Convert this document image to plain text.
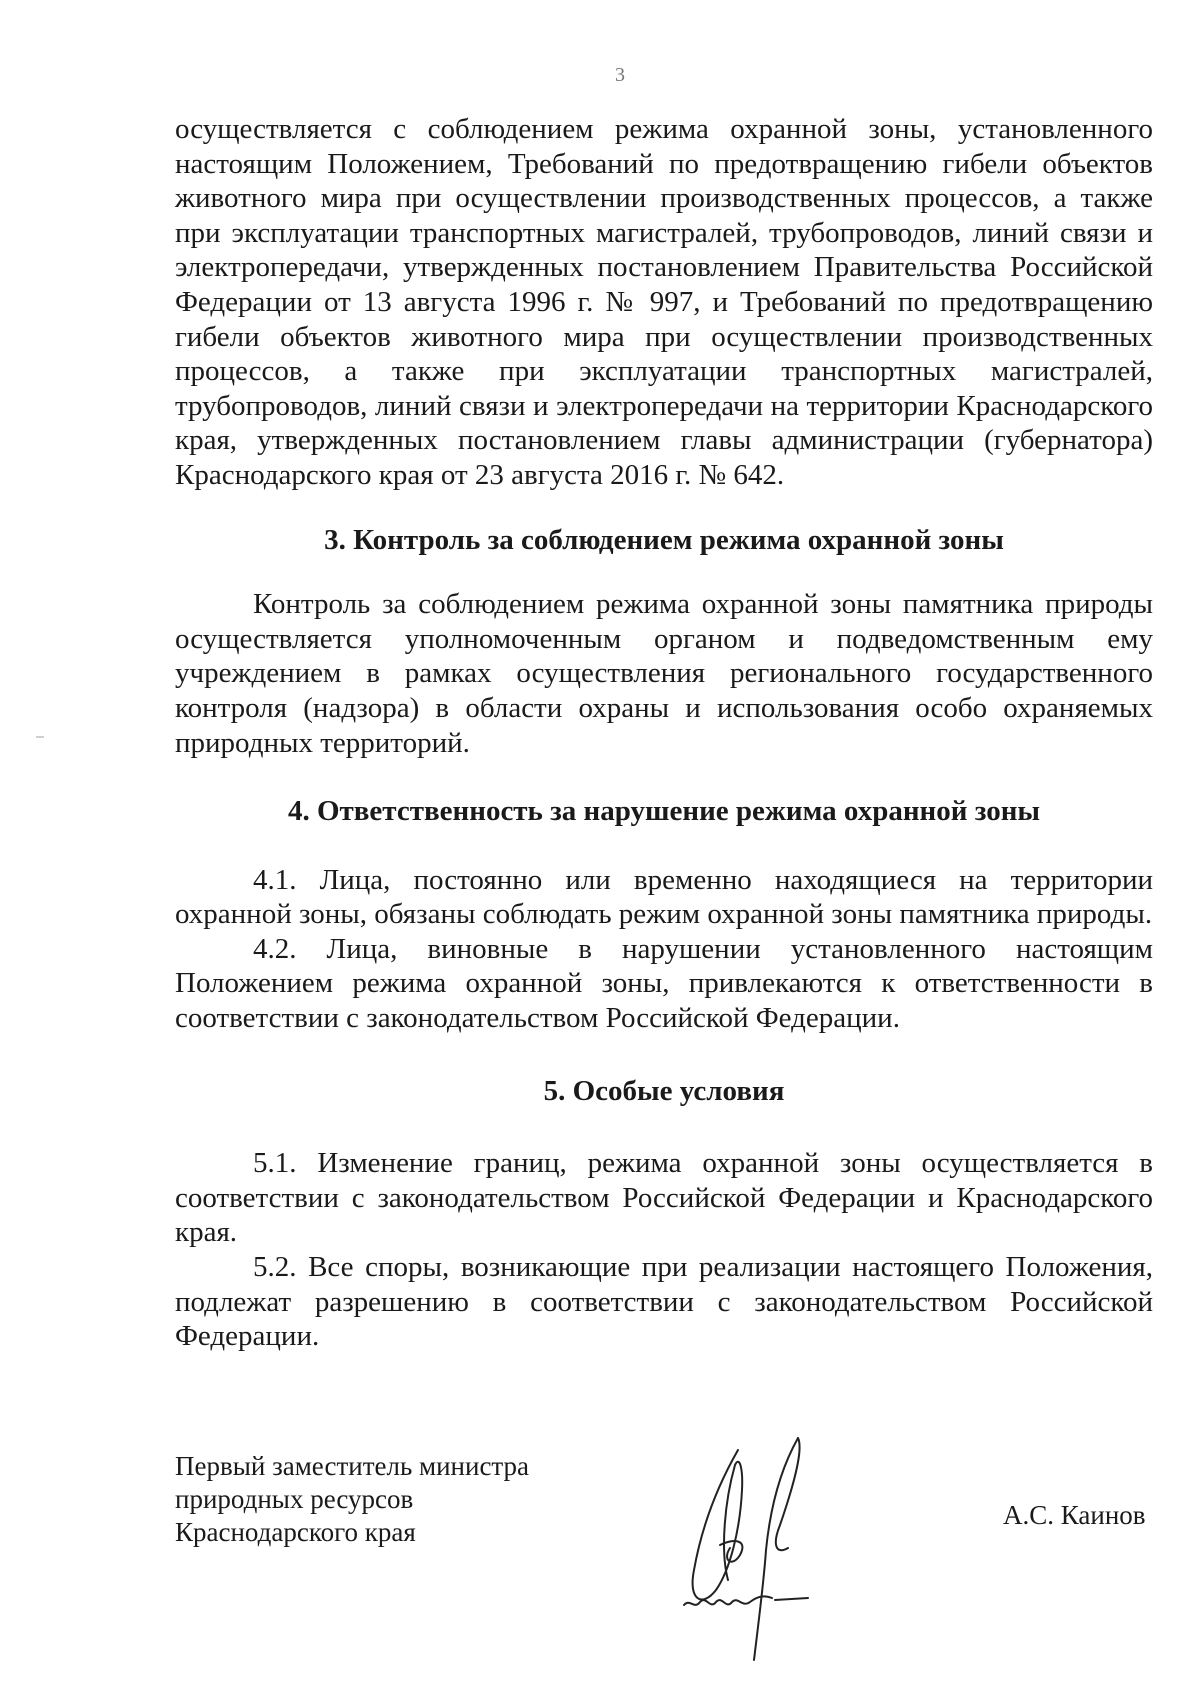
3

осуществляется с соблюдением режима охранной зоны, установленного настоящим Положением, Требований по предотвращению гибели объектов животного мира при осуществлении производственных процессов, а также при эксплуатации транспортных магистралей, трубопроводов, линий связи и электропередачи, утвержденных постановлением Правительства Российской Федерации от 13 августа 1996 г. № 997, и Требований по предотвращению гибели объектов животного мира при осуществлении производственных процессов, а также при эксплуатации транспортных магистралей, трубопроводов, линий связи и электропередачи на территории Краснодарского края, утвержденных постановлением главы администрации (губернатора) Краснодарского края от 23 августа 2016 г. № 642.

3. Контроль за соблюдением режима охранной зоны

Контроль за соблюдением режима охранной зоны памятника природы осуществляется уполномоченным органом и подведомственным ему учреждением в рамках осуществления регионального государственного контроля (надзора) в области охраны и использования особо охраняемых природных территорий.

4. Ответственность за нарушение режима охранной зоны

4.1. Лица, постоянно или временно находящиеся на территории охранной зоны, обязаны соблюдать режим охранной зоны памятника природы.

4.2. Лица, виновные в нарушении установленного настоящим Положением режима охранной зоны, привлекаются к ответственности в соответствии с законодательством Российской Федерации.

5. Особые условия

5.1. Изменение границ, режима охранной зоны осуществляется в соответствии с законодательством Российской Федерации и Краснодарского края.

5.2. Все споры, возникающие при реализации настоящего Положения, подлежат разрешению в соответствии с законодательством Российской Федерации.

Первый заместитель министра
природных ресурсов
Краснодарского края
А.С. Каинов
